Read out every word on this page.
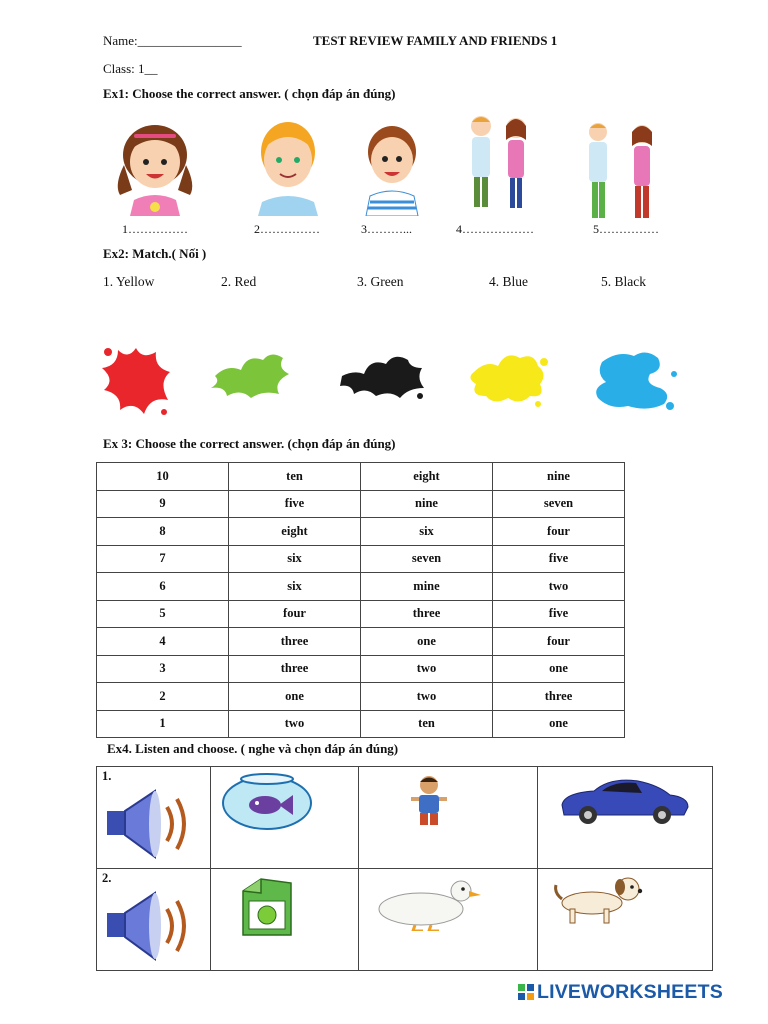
Name:________________	TEST REVIEW FAMILY AND FRIENDS 1
Class: 1__
Ex1: Choose the correct answer. ( chọn đáp án đúng)
1……………	2……………	3………...	4………………	5……………
Ex2: Match.( Nối )
1. Yellow	2. Red	3. Green	4. Blue	5. Black
Ex 3: Choose the correct answer. (chọn đáp án đúng)
10	ten	eight	nine
9	five	nine	seven
8	eight	six	four
7	six	seven	five
6	six	mine	two
5	four	three	five
4	three	one	four
3	three	two	one
2	one	two	three
1	two	ten	one
Ex4. Listen and choose. ( nghe và chọn đáp án đúng)
1.

2.

LIVEWORKSHEETS
